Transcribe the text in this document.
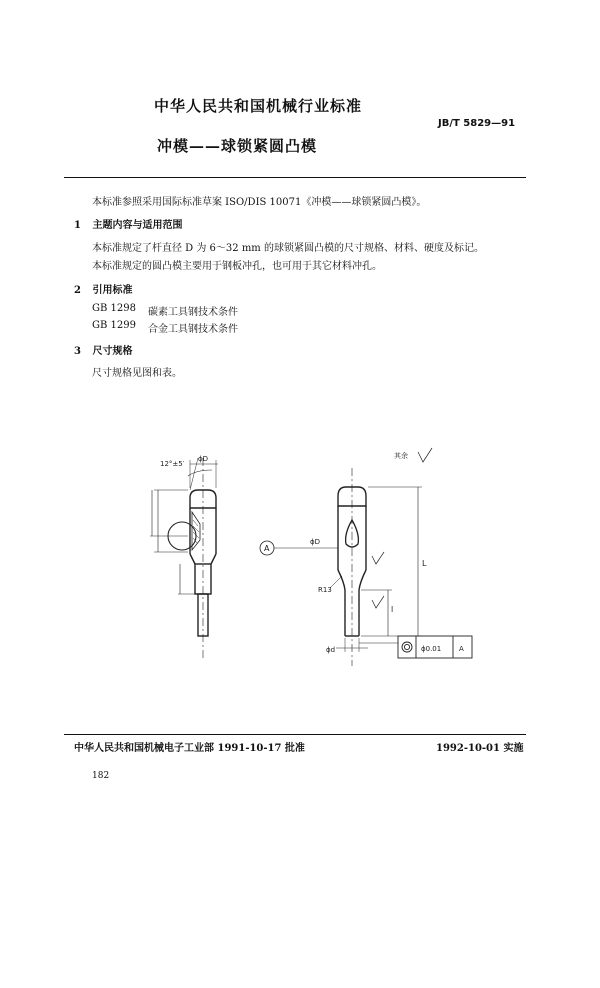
中华人民共和国机械行业标准
JB/T 5829—91
冲模——球锁紧圆凸模
本标准参照采用国际标准草案 ISO/DIS 10071《冲模——球锁紧圆凸模》。
1 主题内容与适用范围
本标准规定了杆直径 D 为 6～32 mm 的球锁紧圆凸模的尺寸规格、材料、硬度及标记。
本标准规定的圆凸模主要用于钢板冲孔，也可用于其它材料冲孔。
2 引用标准
GB 1298 碳素工具钢技术条件
GB 1299 合金工具钢技术条件
3 尺寸规格
尺寸规格见图和表。
12°±5′
ϕD
A
ϕD
R13
其余
L
l
ϕd	ϕ0.01	A
中华人民共和国机械电子工业部 1991-10-17 批准	1992-10-01 实施
182
